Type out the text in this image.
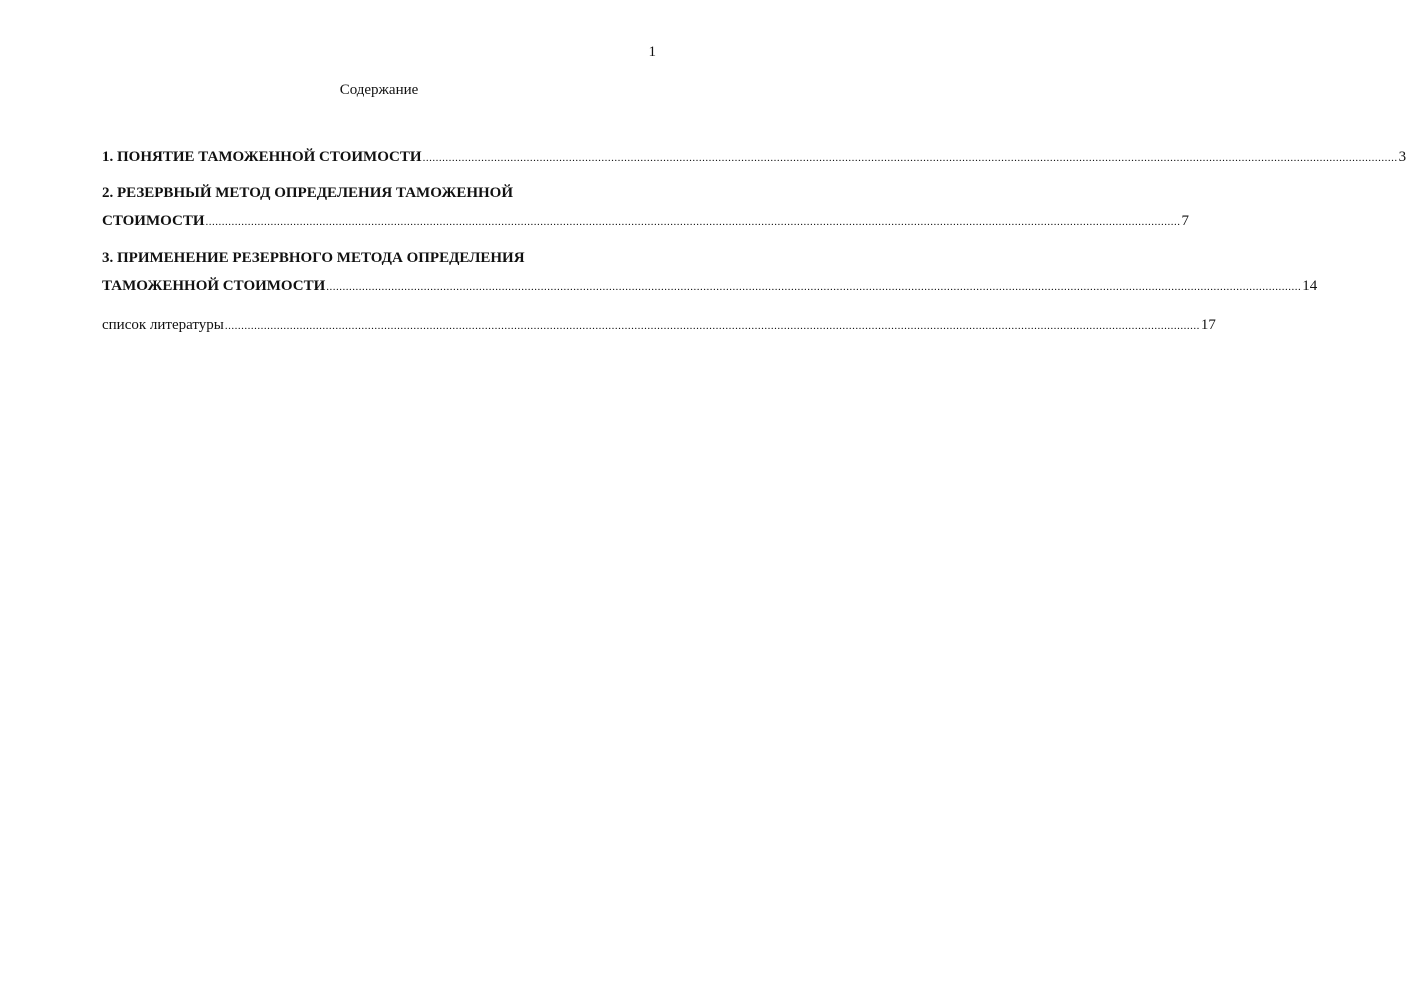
1
Содержание
1. ПОНЯТИЕ ТАМОЖЕННОЙ СТОИМОСТИ ............................................................................................................................................................................................................................................................................................................ 3
2. РЕЗЕРВНЫЙ МЕТОД ОПРЕДЕЛЕНИЯ ТАМОЖЕННОЙ
СТОИМОСТИ ............................................................................................................................................................................................................................................................................................................ 7
3. ПРИМЕНЕНИЕ РЕЗЕРВНОГО МЕТОДА ОПРЕДЕЛЕНИЯ
ТАМОЖЕННОЙ СТОИМОСТИ ............................................................................................................................................................................................................................................................................................................ 14
список литературы ............................................................................................................................................................................................................................................................................................................ 17
